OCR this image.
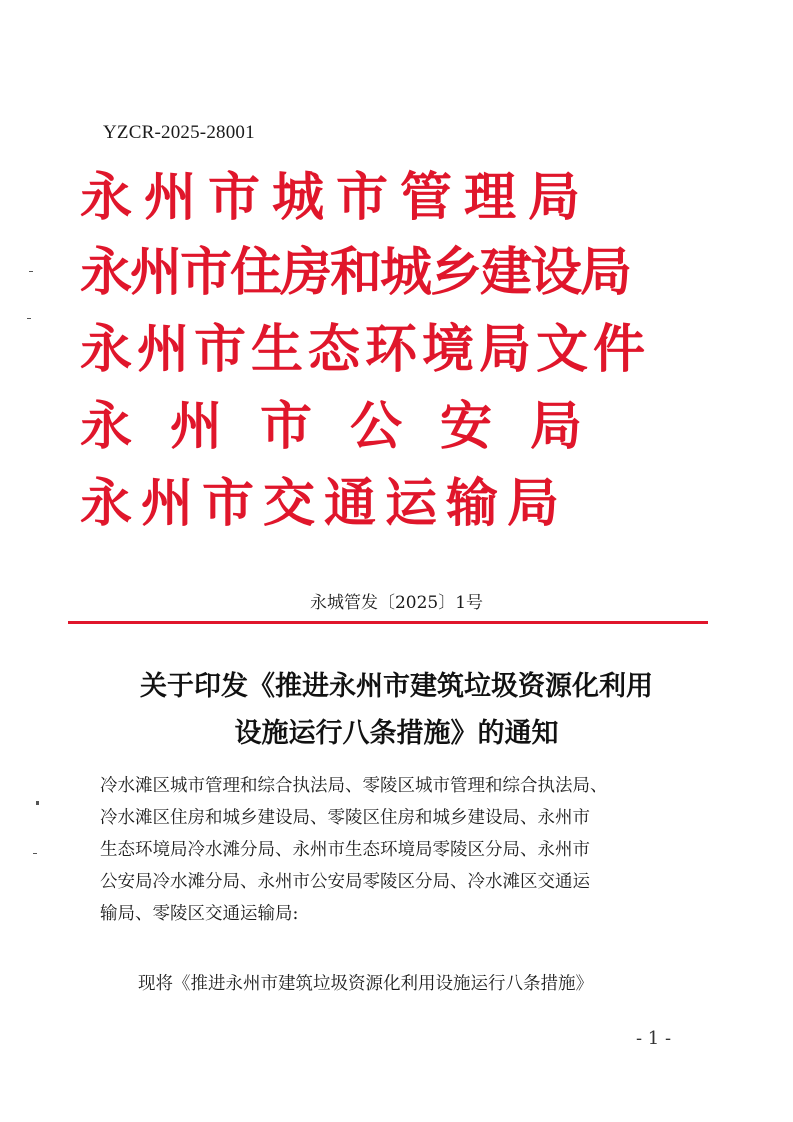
YZCR-2025-28001
永州市城市管理局
永州市住房和城乡建设局
永州市生态环境局文件
永州市公安局
永州市交通运输局
永城管发〔2025〕1号
关于印发《推进永州市建筑垃圾资源化利用
设施运行八条措施》的通知
冷水滩区城市管理和综合执法局、零陵区城市管理和综合执法局、
冷水滩区住房和城乡建设局、零陵区住房和城乡建设局、永州市
生态环境局冷水滩分局、永州市生态环境局零陵区分局、永州市
公安局冷水滩分局、永州市公安局零陵区分局、冷水滩区交通运
输局、零陵区交通运输局:
现将《推进永州市建筑垃圾资源化利用设施运行八条措施》
- 1 -
